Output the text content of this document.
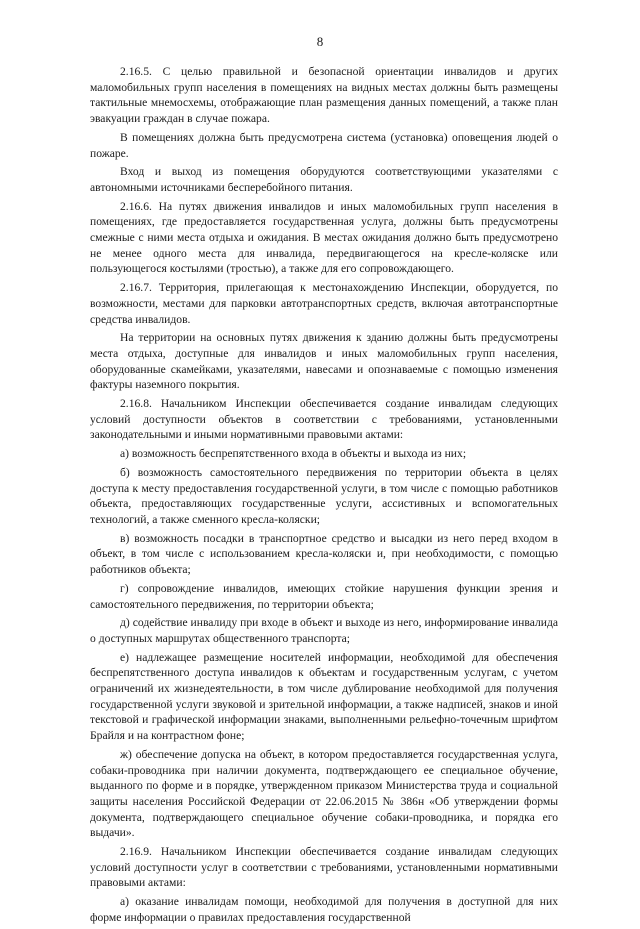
8

2.16.5. С целью правильной и безопасной ориентации инвалидов и других маломобильных групп населения в помещениях на видных местах должны быть размещены тактильные мнемосхемы, отображающие план размещения данных помещений, а также план эвакуации граждан в случае пожара.

В помещениях должна быть предусмотрена система (установка) оповещения людей о пожаре.

Вход и выход из помещения оборудуются соответствующими указателями с автономными источниками бесперебойного питания.

2.16.6. На путях движения инвалидов и иных маломобильных групп населения в помещениях, где предоставляется государственная услуга, должны быть предусмотрены смежные с ними места отдыха и ожидания. В местах ожидания должно быть предусмотрено не менее одного места для инвалида, передвигающегося на кресле-коляске или пользующегося костылями (тростью), а также для его сопровождающего.

2.16.7. Территория, прилегающая к местонахождению Инспекции, оборудуется, по возможности, местами для парковки автотранспортных средств, включая автотранспортные средства инвалидов.

На территории на основных путях движения к зданию должны быть предусмотрены места отдыха, доступные для инвалидов и иных маломобильных групп населения, оборудованные скамейками, указателями, навесами и опознаваемые с помощью изменения фактуры наземного покрытия.

2.16.8. Начальником Инспекции обеспечивается создание инвалидам следующих условий доступности объектов в соответствии с требованиями, установленными законодательными и иными нормативными правовыми актами:

а) возможность беспрепятственного входа в объекты и выхода из них;

б) возможность самостоятельного передвижения по территории объекта в целях доступа к месту предоставления государственной услуги, в том числе с помощью работников объекта, предоставляющих государственные услуги, ассистивных и вспомогательных технологий, а также сменного кресла-коляски;

в) возможность посадки в транспортное средство и высадки из него перед входом в объект, в том числе с использованием кресла-коляски и, при необходимости, с помощью работников объекта;

г) сопровождение инвалидов, имеющих стойкие нарушения функции зрения и самостоятельного передвижения, по территории объекта;

д) содействие инвалиду при входе в объект и выходе из него, информирование инвалида о доступных маршрутах общественного транспорта;

е) надлежащее размещение носителей информации, необходимой для обеспечения беспрепятственного доступа инвалидов к объектам и государственным услугам, с учетом ограничений их жизнедеятельности, в том числе дублирование необходимой для получения государственной услуги звуковой и зрительной информации, а также надписей, знаков и иной текстовой и графической информации знаками, выполненными рельефно-точечным шрифтом Брайля и на контрастном фоне;

ж) обеспечение допуска на объект, в котором предоставляется государственная услуга, собаки-проводника при наличии документа, подтверждающего ее специальное обучение, выданного по форме и в порядке, утвержденном приказом Министерства труда и социальной защиты населения Российской Федерации от 22.06.2015 № 386н «Об утверждении формы документа, подтверждающего специальное обучение собаки-проводника, и порядка его выдачи».

2.16.9. Начальником Инспекции обеспечивается создание инвалидам следующих условий доступности услуг в соответствии с требованиями, установленными нормативными правовыми актами:

а) оказание инвалидам помощи, необходимой для получения в доступной для них форме информации о правилах предоставления государственной
